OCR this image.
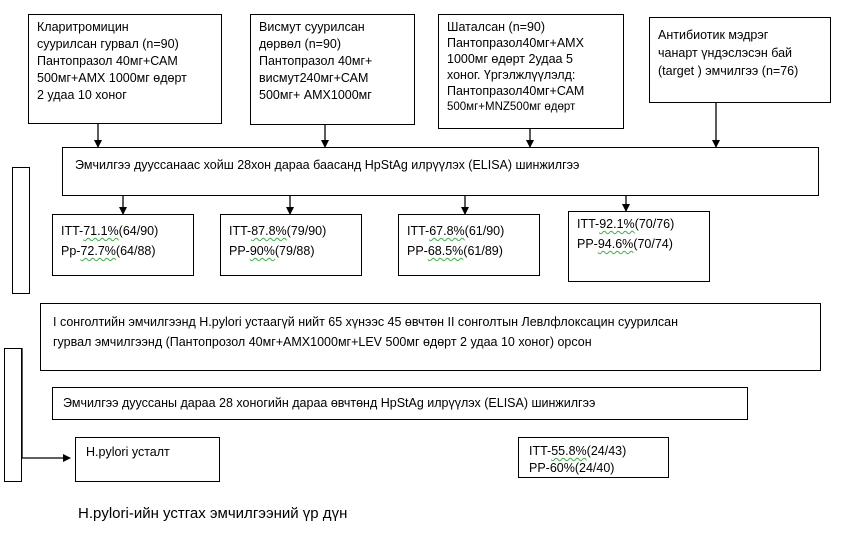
Кларитромицин
суурилсан гурвал (n=90)
Пантопразол 40мг+САМ
500мг+АМХ 1000мг өдөрт
2 удаа 10 хоног
Висмут суурилсан
дөрвөл (n=90)
Пантопразол 40мг+
висмут240мг+САМ
500мг+ АМХ1000мг
Шаталсан (n=90)
Пантопразол40мг+АМХ
1000мг өдөрт 2удаа 5
хоног. Үргэлжлүүлэлд:
Пантопразол40мг+САМ
500мг+MNZ500мг өдөрт
Антибиотик мэдрэг
чанарт үндэслэсэн бай
(target ) эмчилгээ (n=76)
Эмчилгээ дууссанаас хойш 28хон дараа баасанд HpStAg илрүүлэх (ELISA) шинжилгээ
ITT-71.1%(64/90)
Pp-72.7%(64/88)
ITT-87.8%(79/90)
PP-90%(79/88)
ITT-67.8%(61/90)
PP-68.5%(61/89)
ITT-92.1%(70/76)
PP-94.6%(70/74)
I сонголтийн эмчилгээнд H.pylori устаагүй нийт 65 хүнээс 45 өвчтөн II сонголтын Левлфлоксацин суурилсан
гурвал эмчилгээнд (Пантопрозол 40мг+АМХ1000мг+LEV 500мг өдөрт 2 удаа 10 хоног) орсон
Эмчилгээ дууссаны дараа 28 хоногийн дараа өвчтөнд HpStAg илрүүлэх (ELISA) шинжилгээ
H.pylori усталт	ITT-55.8%(24/43)
PP-60%(24/40)
H.pylori-ийн устгах эмчилгээний үр дүн
